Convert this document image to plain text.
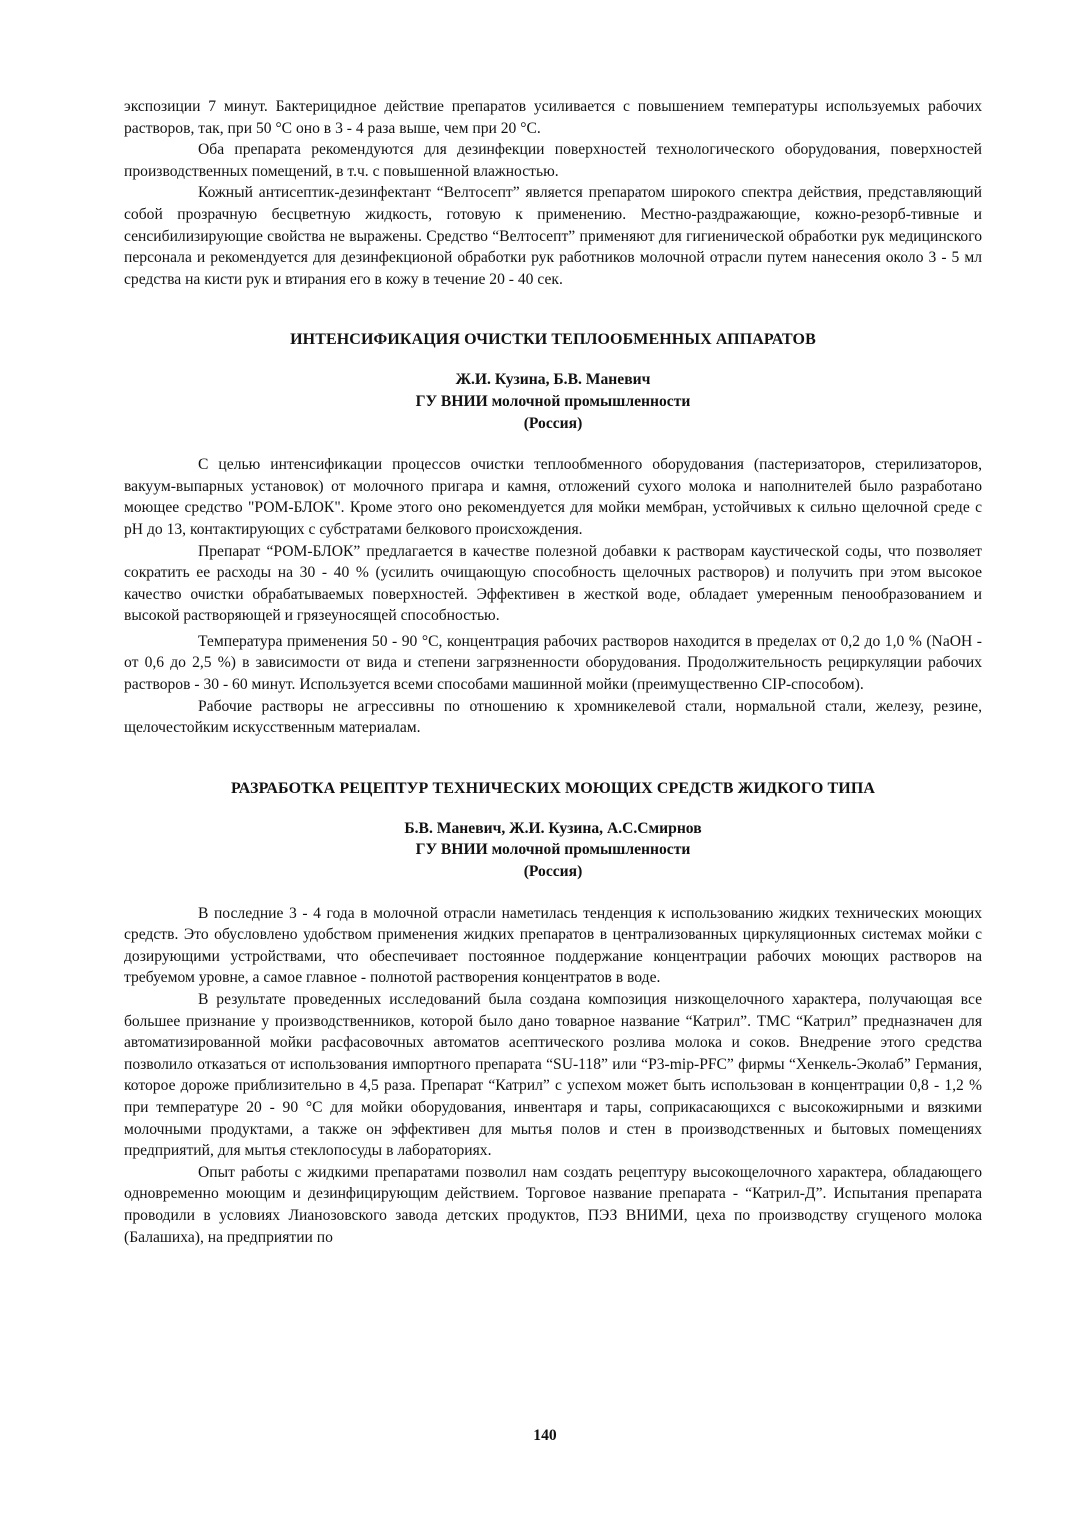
экспозиции 7 минут. Бактерицидное действие препаратов усиливается с повышением температуры используемых рабочих растворов, так, при 50 °С оно в 3 - 4 раза выше, чем при 20 °С.

Оба препарата рекомендуются для дезинфекции поверхностей технологического оборудования, поверхностей производственных помещений, в т.ч. с повышенной влажностью.

Кожный антисептик-дезинфектант “Велтосепт” является препаратом широкого спектра действия, представляющий собой прозрачную бесцветную жидкость, готовую к применению. Местно-раздражающие, кожно-резорб-тивные и сенсибилизирующие свойства не выражены. Средство “Велтосепт” применяют для гигиенической обработки рук медицинского персонала и рекомендуется для дезинфекционой обработки рук работников молочной отрасли путем нанесения около 3 - 5 мл средства на кисти рук и втирания его в кожу в течение 20 - 40 сек.

ИНТЕНСИФИКАЦИЯ ОЧИСТКИ ТЕПЛООБМЕННЫХ АППАРАТОВ
Ж.И. Кузина, Б.В. Маневич
ГУ ВНИИ молочной промышленности
(Россия)

С целью интенсификации процессов очистки теплообменного оборудования (пастеризаторов, стерилизаторов, вакуум-выпарных установок) от молочного пригара и камня, отложений сухого молока и наполнителей было разработано моющее средство "РОМ-БЛОК". Кроме этого оно рекомендуется для мойки мембран, устойчивых к сильно щелочной среде с pH до 13, контактирующих с субстратами белкового происхождения.

Препарат “РОМ-БЛОК” предлагается в качестве полезной добавки к растворам каустической соды, что позволяет сократить ее расходы на 30 - 40 % (усилить очищающую способность щелочных растворов) и получить при этом высокое качество очистки обрабатываемых поверхностей. Эффективен в жесткой воде, обладает умеренным пенообразованием и высокой растворяющей и грязеуносящей способностью.

Температура применения 50 - 90 °С, концентрация рабочих растворов находится в пределах от 0,2 до 1,0 % (NaOH - от 0,6 до 2,5 %) в зависимости от вида и степени загрязненности оборудования. Продолжительность рециркуляции рабочих растворов - 30 - 60 минут. Используется всеми способами машинной мойки (преимущественно CIP-способом).

Рабочие растворы не агрессивны по отношению к хромникелевой стали, нормальной стали, железу, резине, щелочестойким искусственным материалам.

РАЗРАБОТКА РЕЦЕПТУР ТЕХНИЧЕСКИХ МОЮЩИХ СРЕДСТВ ЖИДКОГО ТИПА
Б.В. Маневич, Ж.И. Кузина, А.С.Смирнов
ГУ ВНИИ молочной промышленности
(Россия)

В последние 3 - 4 года в молочной отрасли наметилась тенденция к использованию жидких технических моющих средств. Это обусловлено удобством применения жидких препаратов в централизованных циркуляционных системах мойки с дозирующими устройствами, что обеспечивает постоянное поддержание концентрации рабочих моющих растворов на требуемом уровне, а самое главное - полнотой растворения концентратов в воде.

В результате проведенных исследований была создана композиция низкощелочного характера, получающая все большее признание у производственников, которой было дано товарное название “Катрил”. ТМС “Катрил” предназначен для автоматизированной мойки расфасовочных автоматов асептического розлива молока и соков. Внедрение этого средства позволило отказаться от использования импортного препарата “SU-118” или “P3-mip-PFC” фирмы “Хенкель-Эколаб” Германия, которое дороже приблизительно в 4,5 раза. Препарат “Катрил” с успехом может быть использован в концентрации 0,8 - 1,2 % при температуре 20 - 90 °С для мойки оборудования, инвентаря и тары, соприкасающихся с высокожирными и вязкими молочными продуктами, а также он эффективен для мытья полов и стен в производственных и бытовых помещениях предприятий, для мытья стеклопосуды в лабораториях.

Опыт работы с жидкими препаратами позволил нам создать рецептуру высокощелочного характера, обладающего одновременно моющим и дезинфицирующим действием. Торговое название препарата - “Катрил-Д”. Испытания препарата проводили в условиях Лианозовского завода детских продуктов, ПЭЗ ВНИМИ, цеха по производству сгущеного молока (Балашиха), на предприятии по

140
